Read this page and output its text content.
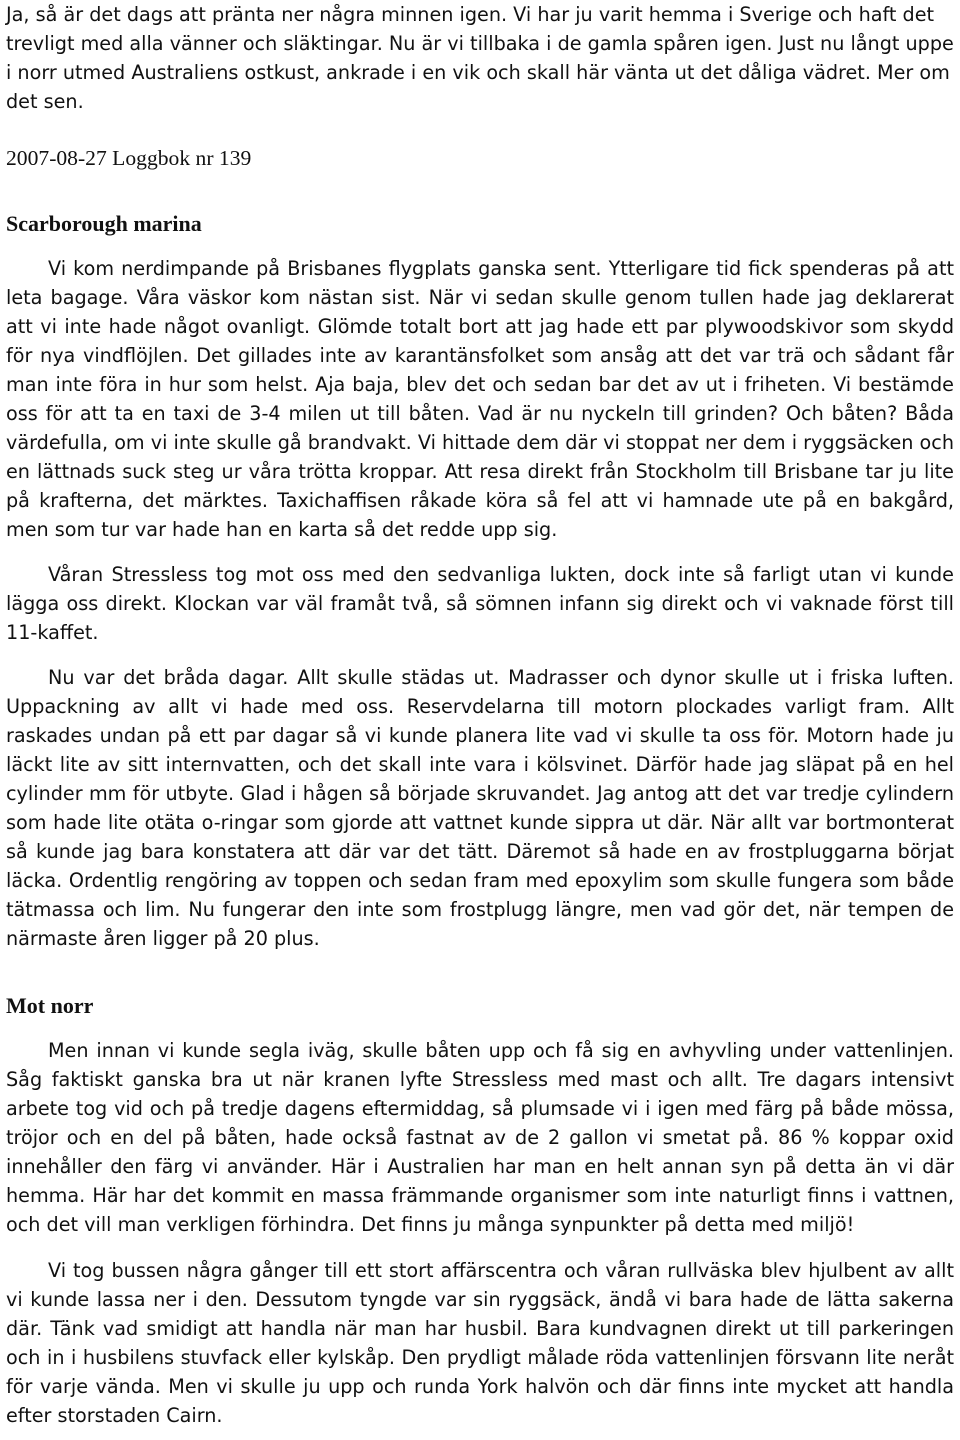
Ja, så är det dags att pränta ner några minnen igen. Vi har ju varit hemma i Sverige och haft det trevligt med alla vänner och släktingar. Nu är vi tillbaka i de gamla spåren igen. Just nu långt uppe i norr utmed Australiens ostkust, ankrade i en vik och skall här vänta ut det dåliga vädret. Mer om det sen.

2007-08-27 Loggbok nr 139

Scarborough marina

Vi kom nerdimpande på Brisbanes flygplats ganska sent. Ytterligare tid fick spenderas på att leta bagage. Våra väskor kom nästan sist. När vi sedan skulle genom tullen hade jag deklarerat att vi inte hade något ovanligt. Glömde totalt bort att jag hade ett par plywoodskivor som skydd för nya vindflöjlen. Det gillades inte av karantänsfolket som ansåg att det var trä och sådant får man inte föra in hur som helst. Aja baja, blev det och sedan bar det av ut i friheten. Vi bestämde oss för att ta en taxi de 3-4 milen ut till båten. Vad är nu nyckeln till grinden? Och båten? Båda värdefulla, om vi inte skulle gå brandvakt. Vi hittade dem där vi stoppat ner dem i ryggsäcken och en lättnads suck steg ur våra trötta kroppar. Att resa direkt från Stockholm till Brisbane tar ju lite på krafterna, det märktes. Taxichaffisen råkade köra så fel att vi hamnade ute på en bakgård, men som tur var hade han en karta så det redde upp sig.

Våran Stressless tog mot oss med den sedvanliga lukten, dock inte så farligt utan vi kunde lägga oss direkt. Klockan var väl framåt två, så sömnen infann sig direkt och vi vaknade först till 11-kaffet.

Nu var det bråda dagar. Allt skulle städas ut. Madrasser och dynor skulle ut i friska luften. Uppackning av allt vi hade med oss. Reservdelarna till motorn plockades varligt fram. Allt raskades undan på ett par dagar så vi kunde planera lite vad vi skulle ta oss för. Motorn hade ju läckt lite av sitt internvatten, och det skall inte vara i kölsvinet. Därför hade jag släpat på en hel cylinder mm för utbyte. Glad i hågen så började skruvandet. Jag antog att det var tredje cylindern som hade lite otäta o-ringar som gjorde att vattnet kunde sippra ut där. När allt var bortmonterat så kunde jag bara konstatera att där var det tätt. Däremot så hade en av frostpluggarna börjat läcka. Ordentlig rengöring av toppen och sedan fram med epoxylim som skulle fungera som både tätmassa och lim. Nu fungerar den inte som frostplugg längre, men vad gör det, när tempen de närmaste åren ligger på 20 plus.

Mot norr

Men innan vi kunde segla iväg, skulle båten upp och få sig en avhyvling under vattenlinjen. Såg faktiskt ganska bra ut när kranen lyfte Stressless med mast och allt. Tre dagars intensivt arbete tog vid och på tredje dagens eftermiddag, så plumsade vi i igen med färg på både mössa, tröjor och en del på båten, hade också fastnat av de 2 gallon vi smetat på. 86 % koppar oxid innehåller den färg vi använder. Här i Australien har man en helt annan syn på detta än vi där hemma. Här har det kommit en massa främmande organismer som inte naturligt finns i vattnen, och det vill man verkligen förhindra. Det finns ju många synpunkter på detta med miljö!

Vi tog bussen några gånger till ett stort affärscentra och våran rullväska blev hjulbent av allt vi kunde lassa ner i den. Dessutom tyngde var sin ryggsäck, ändå vi bara hade de lätta sakerna där. Tänk vad smidigt att handla när man har husbil. Bara kundvagnen direkt ut till parkeringen och in i husbilens stuvfack eller kylskåp. Den prydligt målade röda vattenlinjen försvann lite neråt för varje vända. Men vi skulle ju upp och runda York halvön och där finns inte mycket att handla efter storstaden Cairn.
